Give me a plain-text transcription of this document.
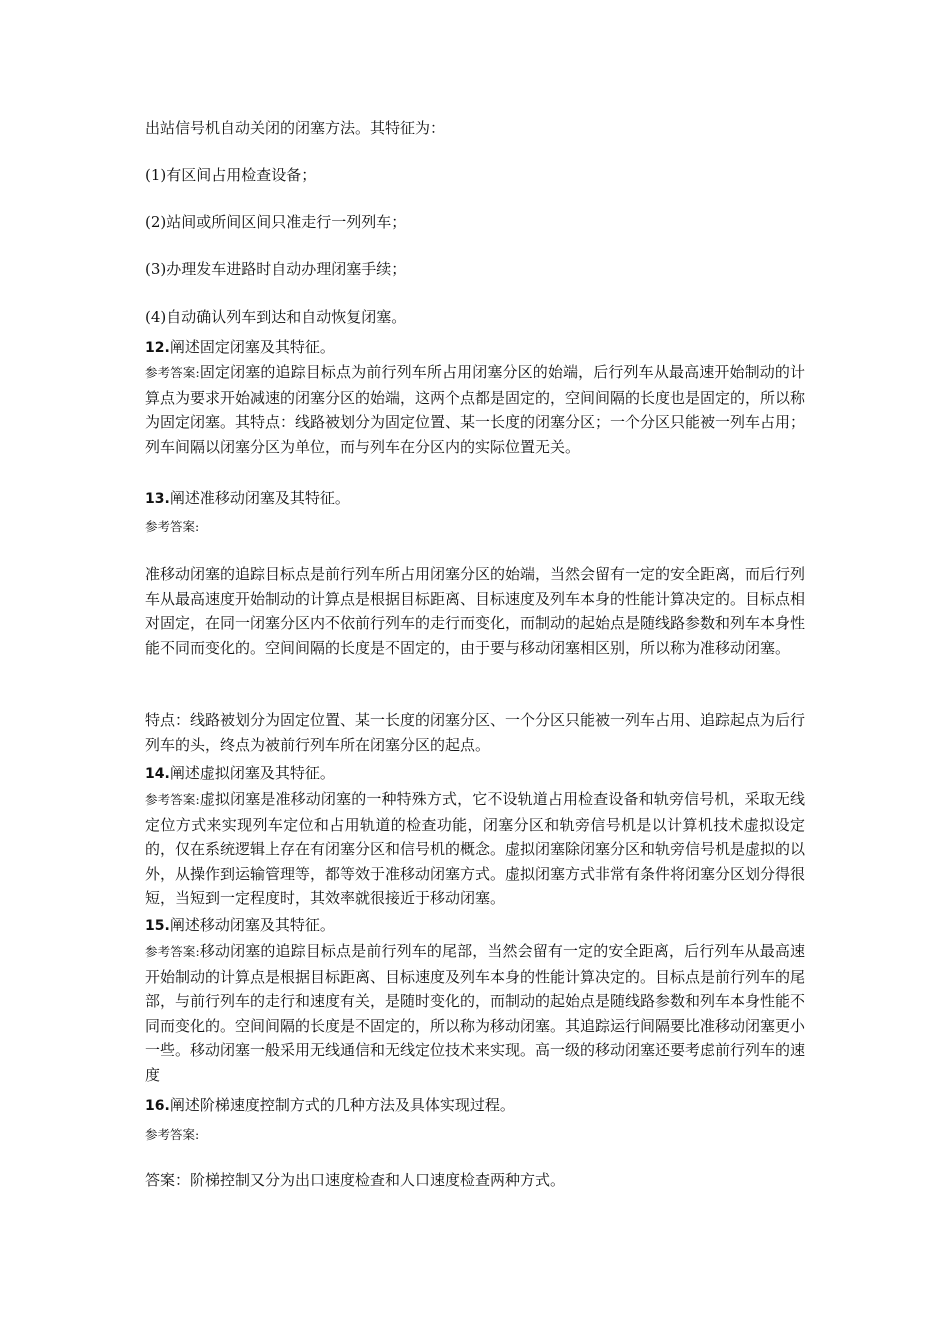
出站信号机自动关闭的闭塞方法。其特征为：

(1)有区间占用检查设备；

(2)站间或所间区间只准走行一列列车；

(3)办理发车进路时自动办理闭塞手续；

(4)自动确认列车到达和自动恢复闭塞。

12.阐述固定闭塞及其特征。

参考答案:固定闭塞的追踪目标点为前行列车所占用闭塞分区的始端，后行列车从最高速开始制动的计算点为要求开始减速的闭塞分区的始端，这两个点都是固定的，空间间隔的长度也是固定的，所以称为固定闭塞。其特点：线路被划分为固定位置、某一长度的闭塞分区；一个分区只能被一列车占用；列车间隔以闭塞分区为单位，而与列车在分区内的实际位置无关。

13.阐述准移动闭塞及其特征。

参考答案:

准移动闭塞的追踪目标点是前行列车所占用闭塞分区的始端，当然会留有一定的安全距离，而后行列车从最高速度开始制动的计算点是根据目标距离、目标速度及列车本身的性能计算决定的。目标点相对固定，在同一闭塞分区内不依前行列车的走行而变化，而制动的起始点是随线路参数和列车本身性能不同而变化的。空间间隔的长度是不固定的，由于要与移动闭塞相区别，所以称为准移动闭塞。

特点：线路被划分为固定位置、某一长度的闭塞分区、一个分区只能被一列车占用、追踪起点为后行列车的头，终点为被前行列车所在闭塞分区的起点。

14.阐述虚拟闭塞及其特征。

参考答案:虚拟闭塞是准移动闭塞的一种特殊方式，它不设轨道占用检查设备和轨旁信号机，采取无线定位方式来实现列车定位和占用轨道的检查功能，闭塞分区和轨旁信号机是以计算机技术虚拟设定的，仅在系统逻辑上存在有闭塞分区和信号机的概念。虚拟闭塞除闭塞分区和轨旁信号机是虚拟的以外，从操作到运输管理等，都等效于准移动闭塞方式。虚拟闭塞方式非常有条件将闭塞分区划分得很短，当短到一定程度时，其效率就很接近于移动闭塞。

15.阐述移动闭塞及其特征。

参考答案:移动闭塞的追踪目标点是前行列车的尾部，当然会留有一定的安全距离，后行列车从最高速开始制动的计算点是根据目标距离、目标速度及列车本身的性能计算决定的。目标点是前行列车的尾部，与前行列车的走行和速度有关，是随时变化的，而制动的起始点是随线路参数和列车本身性能不同而变化的。空间间隔的长度是不固定的，所以称为移动闭塞。其追踪运行间隔要比准移动闭塞更小一些。移动闭塞一般采用无线通信和无线定位技术来实现。高一级的移动闭塞还要考虑前行列车的速度

16.阐述阶梯速度控制方式的几种方法及具体实现过程。

参考答案:

答案：阶梯控制又分为出口速度检查和人口速度检查两种方式。
